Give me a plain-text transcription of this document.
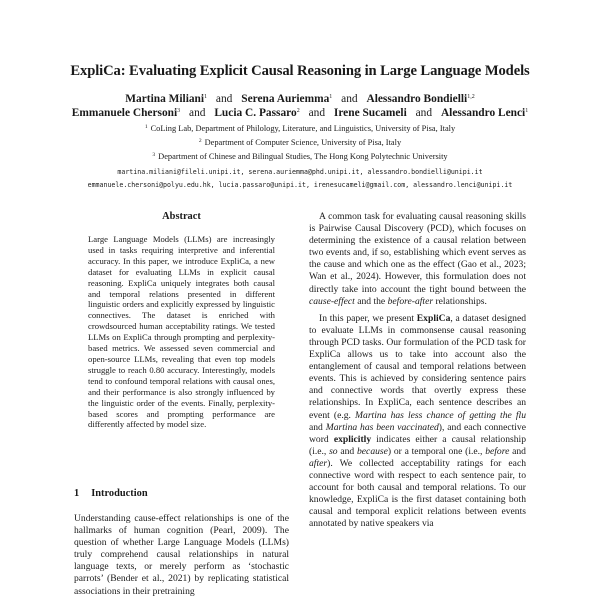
ExpliCa: Evaluating Explicit Causal Reasoning in Large Language Models
Martina Miliani$^1$ and Serena Auriemma$^1$ and Alessandro Bondielli$^{1,2}$
Emmanuele Chersoni$^3$ and Lucia C. Passaro$^2$ and Irene Sucameli and Alessandro Lenci$^1$
$^1$ CoLing Lab, Department of Philology, Literature, and Linguistics, University of Pisa, Italy
$^2$ Department of Computer Science, University of Pisa, Italy
$^3$ Department of Chinese and Bilingual Studies, The Hong Kong Polytechnic University
martina.miliani@fileli.unipi.it, serena.auriemma@phd.unipi.it, alessandro.bondielli@unipi.it
emmanuele.chersoni@polyu.edu.hk, lucia.passaro@unipi.it, irenesucameli@gmail.com, alessandro.lenci@unipi.it
Abstract

Large Language Models (LLMs) are increasingly used in tasks requiring interpretive and inferential accuracy. In this paper, we introduce ExpliCa, a new dataset for evaluating LLMs in explicit causal reasoning. ExpliCa uniquely integrates both causal and temporal relations presented in different linguistic orders and explicitly expressed by linguistic connectives. The dataset is enriched with crowdsourced human acceptability ratings. We tested LLMs on ExpliCa through prompting and perplexity-based metrics. We assessed seven commercial and open-source LLMs, revealing that even top models struggle to reach 0.80 accuracy. Interestingly, models tend to confound temporal relations with causal ones, and their performance is also strongly influenced by the linguistic order of the events. Finally, perplexity-based scores and prompting performance are differently affected by model size.

1 Introduction

Understanding cause-effect relationships is one of the hallmarks of human cognition (Pearl, 2009). The question of whether Large Language Models (LLMs) truly comprehend causal relationships in natural language texts, or merely perform as ‘stochastic parrots’ (Bender et al., 2021) by replicating statistical associations in their pretraining

A common task for evaluating causal reasoning skills is Pairwise Causal Discovery (PCD), which focuses on determining the existence of a causal relation between two events and, if so, establishing which event serves as the cause and which one as the effect (Gao et al., 2023; Wan et al., 2024). However, this formulation does not directly take into account the tight bound between the cause-effect and the before-after relationships.

In this paper, we present ExpliCa, a dataset designed to evaluate LLMs in commonsense causal reasoning through PCD tasks. Our formulation of the PCD task for ExpliCa allows us to take into account also the entanglement of causal and temporal relations between events. This is achieved by considering sentence pairs and connective words that overtly express these relationships. In ExpliCa, each sentence describes an event (e.g. Martina has less chance of getting the flu and Martina has been vaccinated), and each connective word explicitly indicates either a causal relationship (i.e., so and because) or a temporal one (i.e., before and after). We collected acceptability ratings for each connective word with respect to each sentence pair, to account for both causal and temporal relations. To our knowledge, ExpliCa is the first dataset containing both causal and temporal explicit relations between events annotated by native speakers via
